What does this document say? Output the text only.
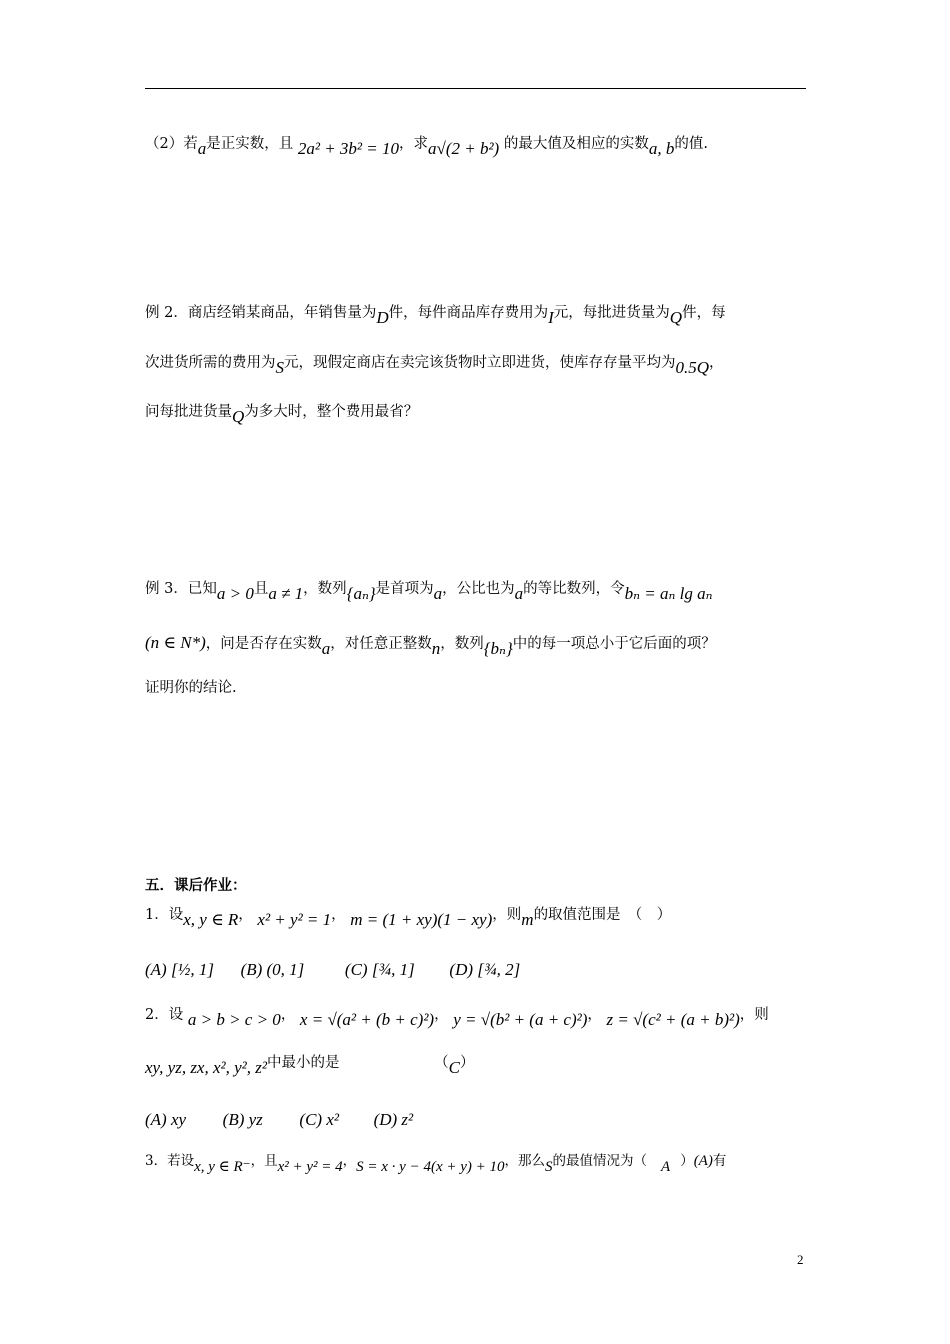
（2）若a是正实数，且 2a² + 3b² = 10，求a√(2 + b²) 的最大值及相应的实数a, b的值.
例 2．商店经销某商品，年销售量为D件，每件商品库存费用为I元，每批进货量为Q件，每
次进货所需的费用为S元，现假定商店在卖完该货物时立即进货，使库存存量平均为0.5Q，
问每批进货量Q为多大时，整个费用最省？
例 3．已知a > 0且a ≠ 1，数列{aₙ}是首项为a，公比也为a的等比数列，令bₙ = aₙ lg aₙ
(n ∈ N*)，问是否存在实数a，对任意正整数n，数列{bₙ}中的每一项总小于它后面的项？
证明你的结论.
五．课后作业：
1．设x, y ∈ R， x² + y² = 1， m = (1 + xy)(1 − xy)，则m的取值范围是　（　）
(A) [½, 1] (B) (0, 1] (C) [¾, 1] (D) [¾, 2]
2．设 a > b > c > 0， x = √(a² + (b + c)²)， y = √(b² + (a + c)²)， z = √(c² + (a + b)²)，则
xy, yz, zx, x², y², z²中最小的是	（C）
(A) xy (B) yz (C) x² (D) z²
3．若设x, y ∈ R⁻，且x² + y² = 4，S = x · y − 4(x + y) + 10，那么S的最值情况为（ A ）(A)有
2
